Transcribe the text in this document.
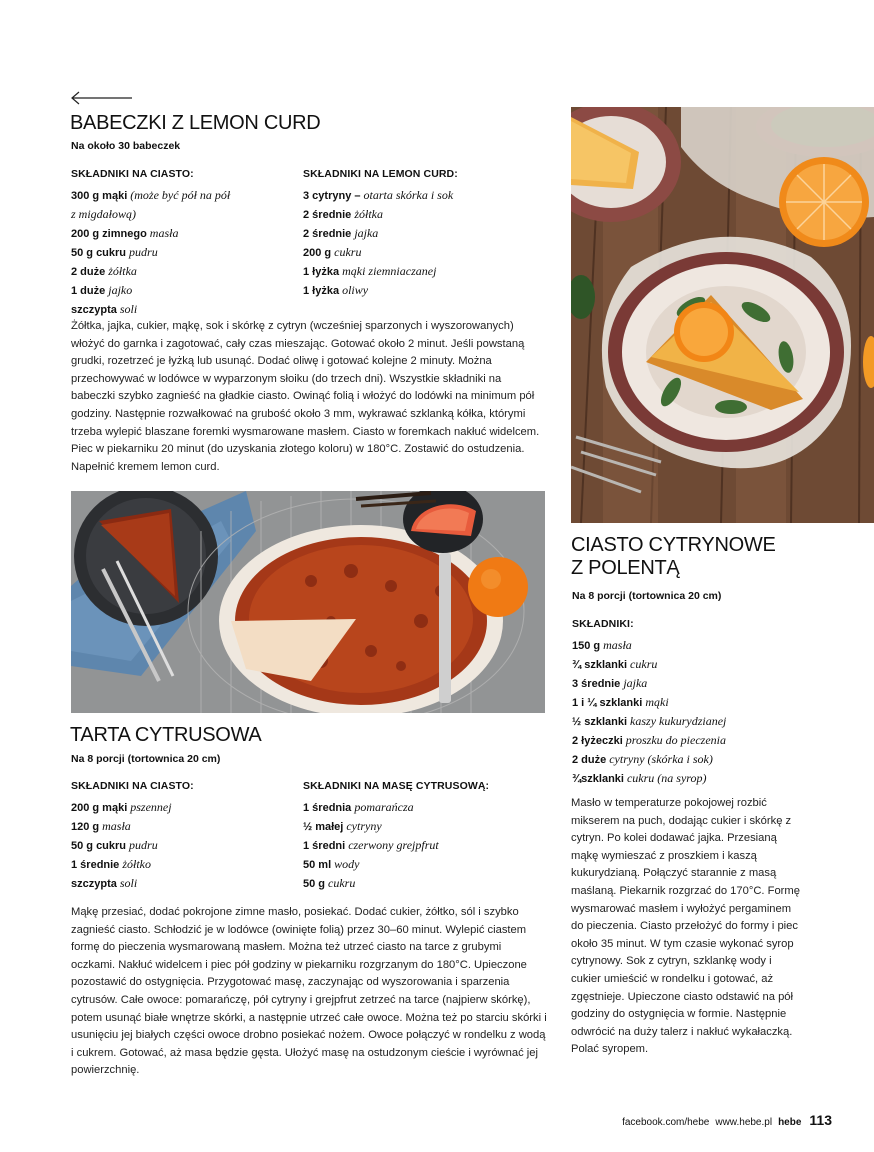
BABECZKI Z LEMON CURD
Na około 30 babeczek
SKŁADNIKI NA CIASTO:
300 g mąki (może być pół na pół
z migdałową)
200 g zimnego masła
50 g cukru pudru
2 duże żółtka
1 duże jajko
szczypta soli
SKŁADNIKI NA LEMON CURD:
3 cytryny – otarta skórka i sok
2 średnie żółtka
2 średnie jajka
200 g cukru
1 łyżka mąki ziemniaczanej
1 łyżka oliwy
Żółtka, jajka, cukier, mąkę, sok i skórkę z cytryn (wcześniej sparzonych i wyszorowanych) włożyć do garnka i zagotować, cały czas mieszając. Gotować około 2 minut. Jeśli powstaną grudki, rozetrzeć je łyżką lub usunąć. Dodać oliwę i gotować kolejne 2 minuty. Można przechowywać w lodówce w wyparzonym słoiku (do trzech dni). Wszystkie składniki na babeczki szybko zagnieść na gładkie ciasto. Owinąć folią i włożyć do lodówki na minimum pół godziny. Następnie rozwałkować na grubość około 3 mm, wykrawać szklanką kółka, którymi trzeba wylepić blaszane foremki wysmarowane masłem. Ciasto w foremkach nakłuć widelcem. Piec w piekarniku 20 minut (do uzyskania złotego koloru) w 180°C. Zostawić do ostudzenia. Napełnić kremem lemon curd.
TARTA CYTRUSOWA
Na 8 porcji (tortownica 20 cm)
SKŁADNIKI NA CIASTO:
200 g mąki pszennej
120 g masła
50 g cukru pudru
1 średnie żółtko
szczypta soli
SKŁADNIKI NA MASĘ CYTRUSOWĄ:
1 średnia pomarańcza
½ małej cytryny
1 średni czerwony grejpfrut
50 ml wody
50 g cukru
Mąkę przesiać, dodać pokrojone zimne masło, posiekać. Dodać cukier, żółtko, sól i szybko zagnieść ciasto. Schłodzić je w lodówce (owinięte folią) przez 30–60 minut. Wylepić ciastem formę do pieczenia wysmarowaną masłem. Można też utrzeć ciasto na tarce z grubymi oczkami. Nakłuć widelcem i piec pół godziny w piekarniku rozgrzanym do 180°C. Upieczone pozostawić do ostygnięcia. Przygotować masę, zaczynając od wyszorowania i sparzenia cytrusów. Całe owoce: pomarańczę, pół cytryny i grejpfrut zetrzeć na tarce (najpierw skórkę), potem usunąć białe wnętrze skórki, a następnie utrzeć całe owoce. Można też po starciu skórki i usunięciu jej białych części owoce drobno posiekać nożem. Owoce połączyć w rondelku z wodą i cukrem. Gotować, aż masa będzie gęsta. Ułożyć masę na ostudzonym cieście i wyrównać jej powierzchnię.
CIASTO CYTRYNOWE
Z POLENTĄ
Na 8 porcji (tortownica 20 cm)
SKŁADNIKI:
150 g masła
¾ szklanki cukru
3 średnie jajka
1 i ¼ szklanki mąki
½ szklanki kaszy kukurydzianej
2 łyżeczki proszku do pieczenia
2 duże cytryny (skórka i sok)
¾szklanki cukru (na syrop)
Masło w temperaturze pokojowej rozbić mikserem na puch, dodając cukier i skórkę z cytryn. Po kolei dodawać jajka. Przesianą mąkę wymieszać z proszkiem i kaszą kukurydzianą. Połączyć starannie z masą maślaną. Piekarnik rozgrzać do 170°C. Formę wysmarować masłem i wyłożyć pergaminem do pieczenia. Ciasto przełożyć do formy i piec około 35 minut. W tym czasie wykonać syrop cytrynowy. Sok z cytryn, szklankę wody i cukier umieścić w rondelku i gotować, aż zgęstnieje. Upieczone ciasto odstawić na pół godziny do ostygnięcia w formie. Następnie odwrócić na duży talerz i nakłuć wykałaczką. Polać syropem.
facebook.com/hebe www.hebe.pl hebe 113
